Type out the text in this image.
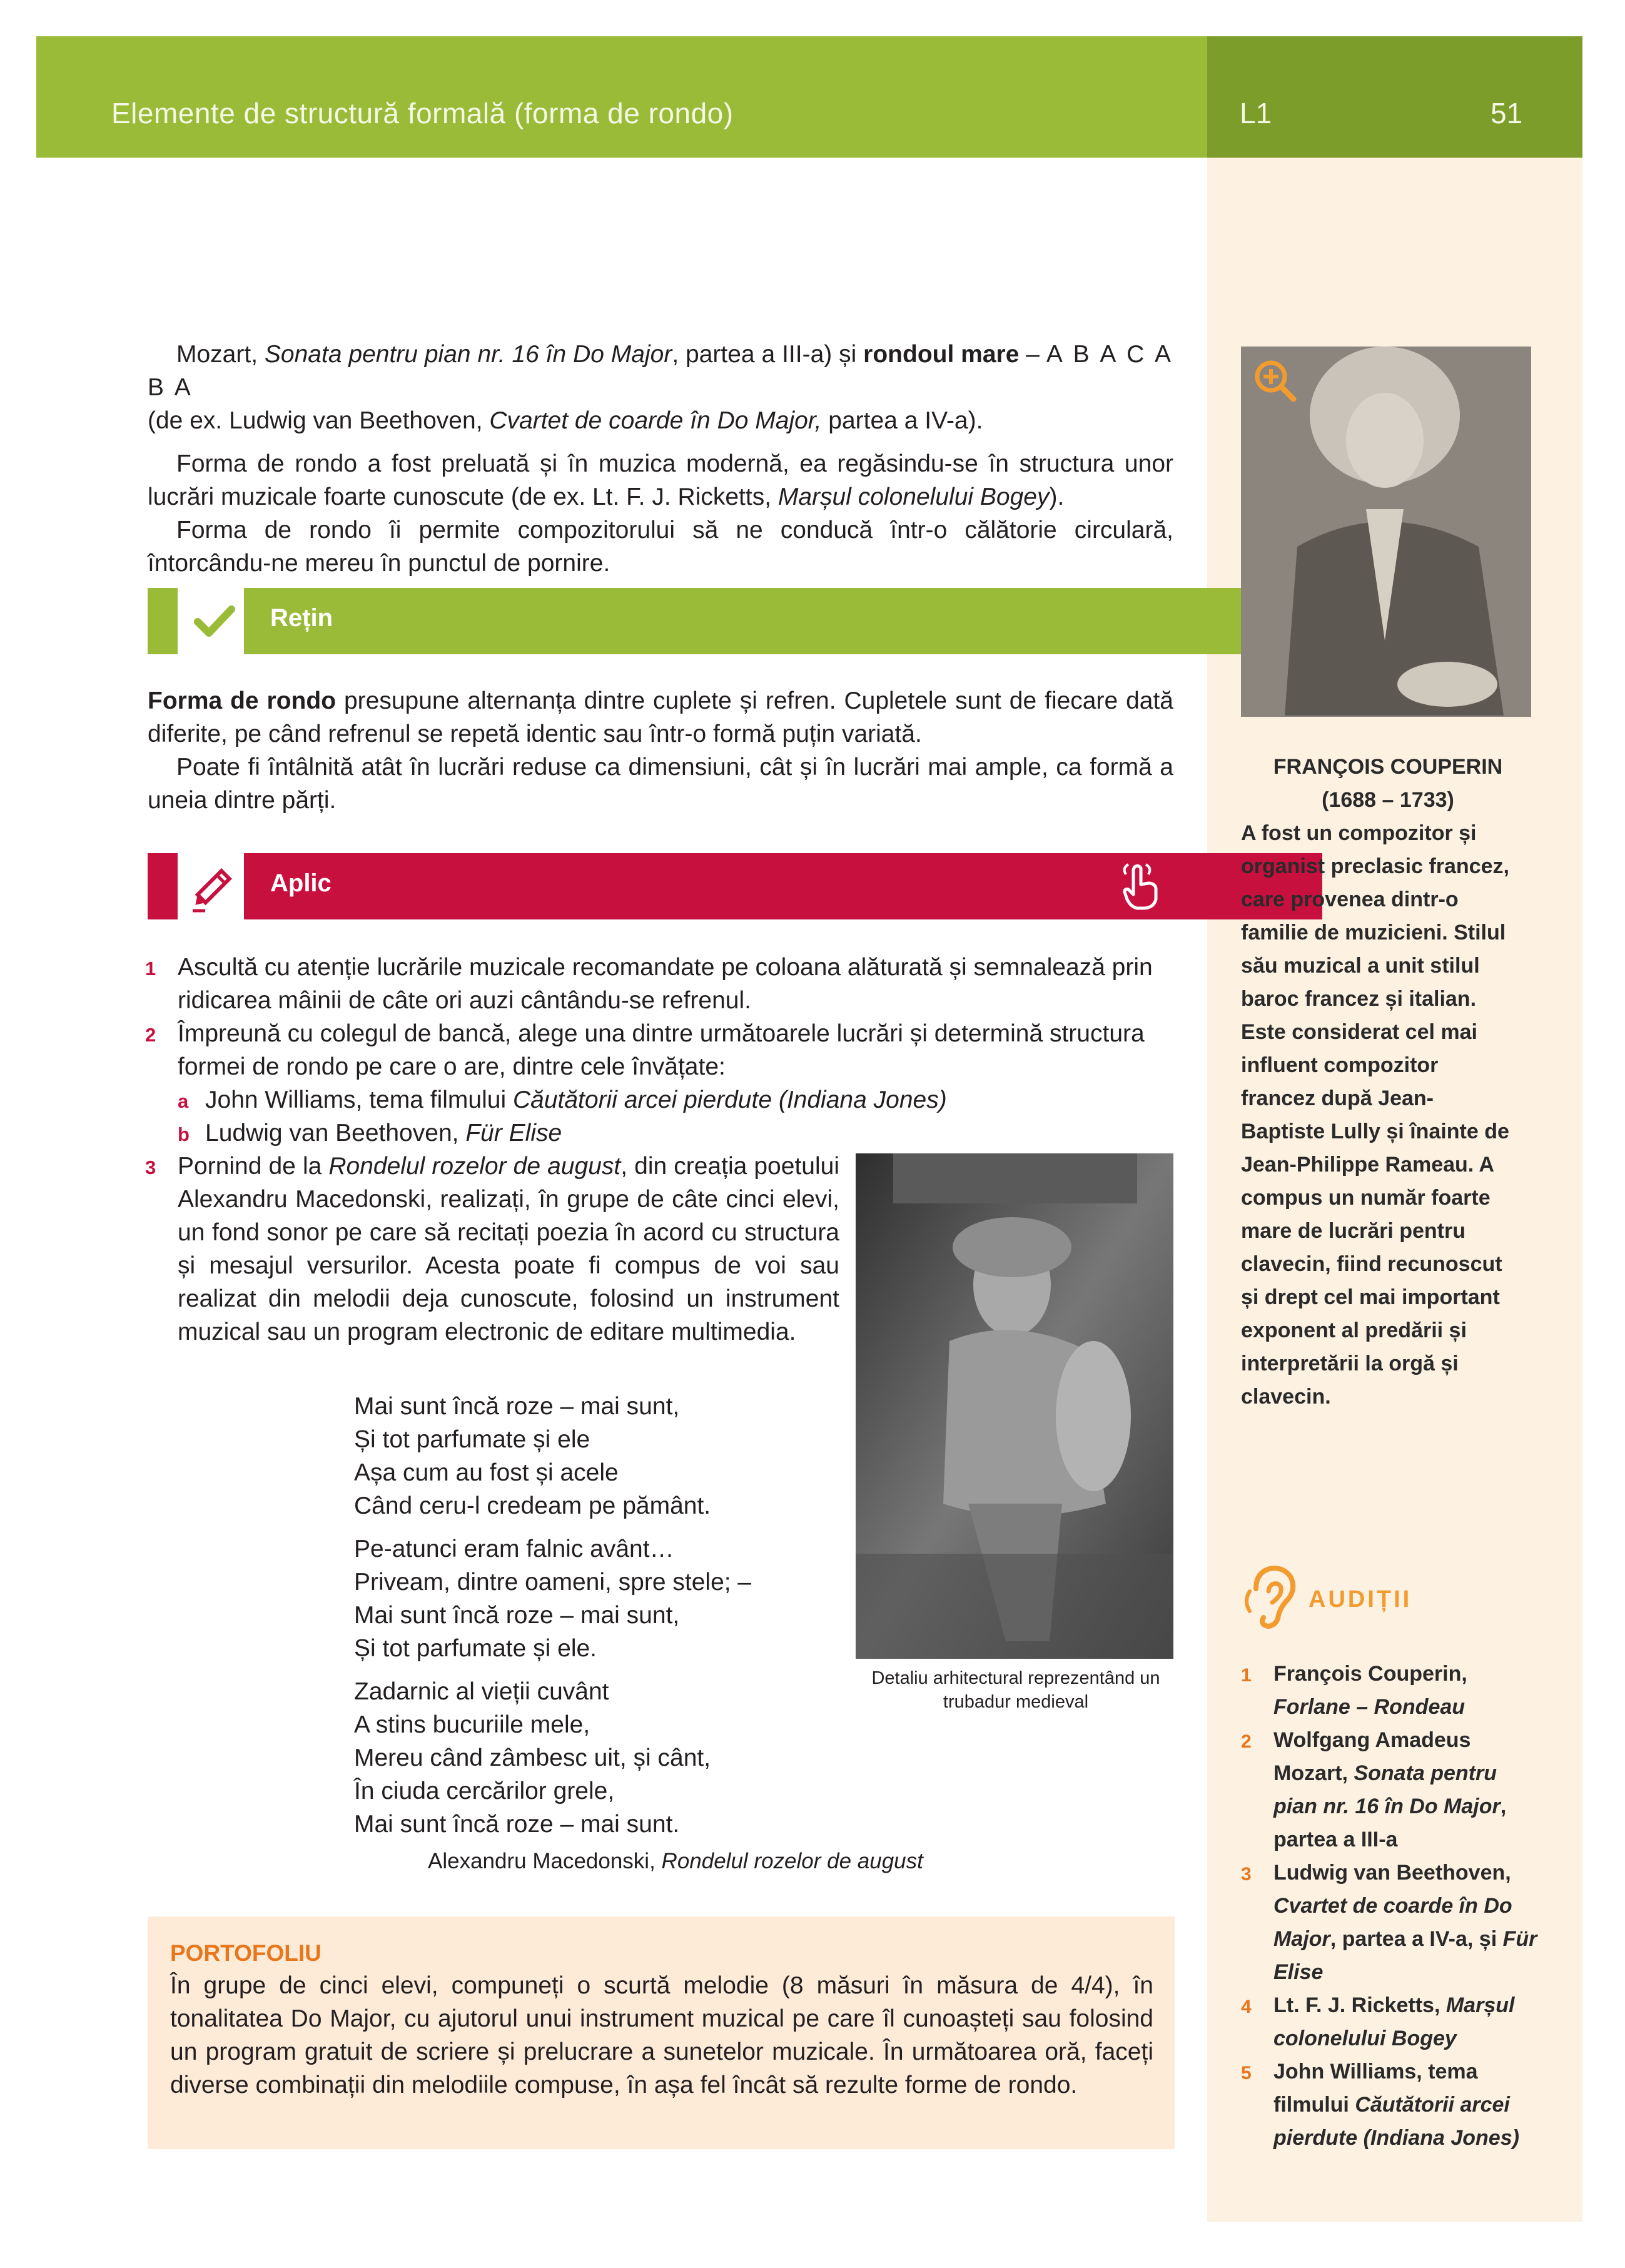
Elemente de structură formală (forma de rondo)	L1	51

Mozart, Sonata pentru pian nr. 16 în Do Major, partea a III-a) și rondoul mare – A B A C A B A
(de ex. Ludwig van Beethoven, Cvartet de coarde în Do Major, partea a IV-a).

Forma de rondo a fost preluată și în muzica modernă, ea regăsindu-se în structura unor lucrări muzicale foarte cunoscute (de ex. Lt. F. J. Ricketts, Marșul colonelului Bogey).

Forma de rondo îi permite compozitorului să ne conducă într-o călătorie circulară, întorcându-ne mereu în punctul de pornire.

Rețin

Forma de rondo presupune alternanța dintre cuplete și refren. Cupletele sunt de fiecare dată diferite, pe când refrenul se repetă identic sau într-o formă puțin variată.

Poate fi întâlnită atât în lucrări reduse ca dimensiuni, cât și în lucrări mai ample, ca formă a uneia dintre părți.

Aplic
1 Ascultă cu atenție lucrările muzicale recomandate pe coloana alăturată și semnalează prin ridicarea mâinii de câte ori auzi cântându-se refrenul.
2 Împreună cu colegul de bancă, alege una dintre următoarele lucrări și determină structura formei de rondo pe care o are, dintre cele învățate:
a John Williams, tema filmului Căutătorii arcei pierdute (Indiana Jones)
b Ludwig van Beethoven, Für Elise
3 Pornind de la Rondelul rozelor de august, din creația poetului Alexandru Macedonski, realizați, în grupe de câte cinci elevi, un fond sonor pe care să recitați poezia în acord cu structura și mesajul versurilor. Acesta poate fi compus de voi sau realizat din melodii deja cunoscute, folosind un instrument muzical sau un program electronic de editare multimedia.
Mai sunt încă roze – mai sunt,
Și tot parfumate și ele
Așa cum au fost și acele
Când ceru-l credeam pe pământ.
Pe-atunci eram falnic avânt…
Priveam, dintre oameni, spre stele; –
Mai sunt încă roze – mai sunt,
Și tot parfumate și ele.
Zadarnic al vieții cuvânt
A stins bucuriile mele,
Mereu când zâmbesc uit, și cânt,
În ciuda cercărilor grele,
Mai sunt încă roze – mai sunt.
Alexandru Macedonski, Rondelul rozelor de august
Detaliu arhitectural reprezentând un trubadur medieval
PORTOFOLIU
În grupe de cinci elevi, compuneți o scurtă melodie (8 măsuri în măsura de 4/4), în tonalitatea Do Major, cu ajutorul unui instrument muzical pe care îl cunoașteți sau folosind un program gratuit de scriere și prelucrare a sunetelor muzicale. În următoarea oră, faceți diverse combinații din melodiile compuse, în așa fel încât să rezulte forme de rondo.
FRANÇOIS COUPERIN
(1688 – 1733)
A fost un compozitor și organist preclasic francez, care provenea dintr-o familie de muzicieni. Stilul său muzical a unit stilul baroc francez și italian. Este considerat cel mai influent compozitor francez după Jean-Baptiste Lully și înainte de Jean-Philippe Rameau. A compus un număr foarte mare de lucrări pentru clavecin, fiind recunoscut și drept cel mai important exponent al predării și interpretării la orgă și clavecin.
AUDIȚII
1 François Couperin,
Forlane – Rondeau
2 Wolfgang Amadeus Mozart, Sonata pentru pian nr. 16 în Do Major, partea a III-a
3 Ludwig van Beethoven, Cvartet de coarde în Do Major, partea a IV-a, și Für Elise
4 Lt. F. J. Ricketts, Marșul colonelului Bogey
5 John Williams, tema filmului Căutătorii arcei pierdute (Indiana Jones)
